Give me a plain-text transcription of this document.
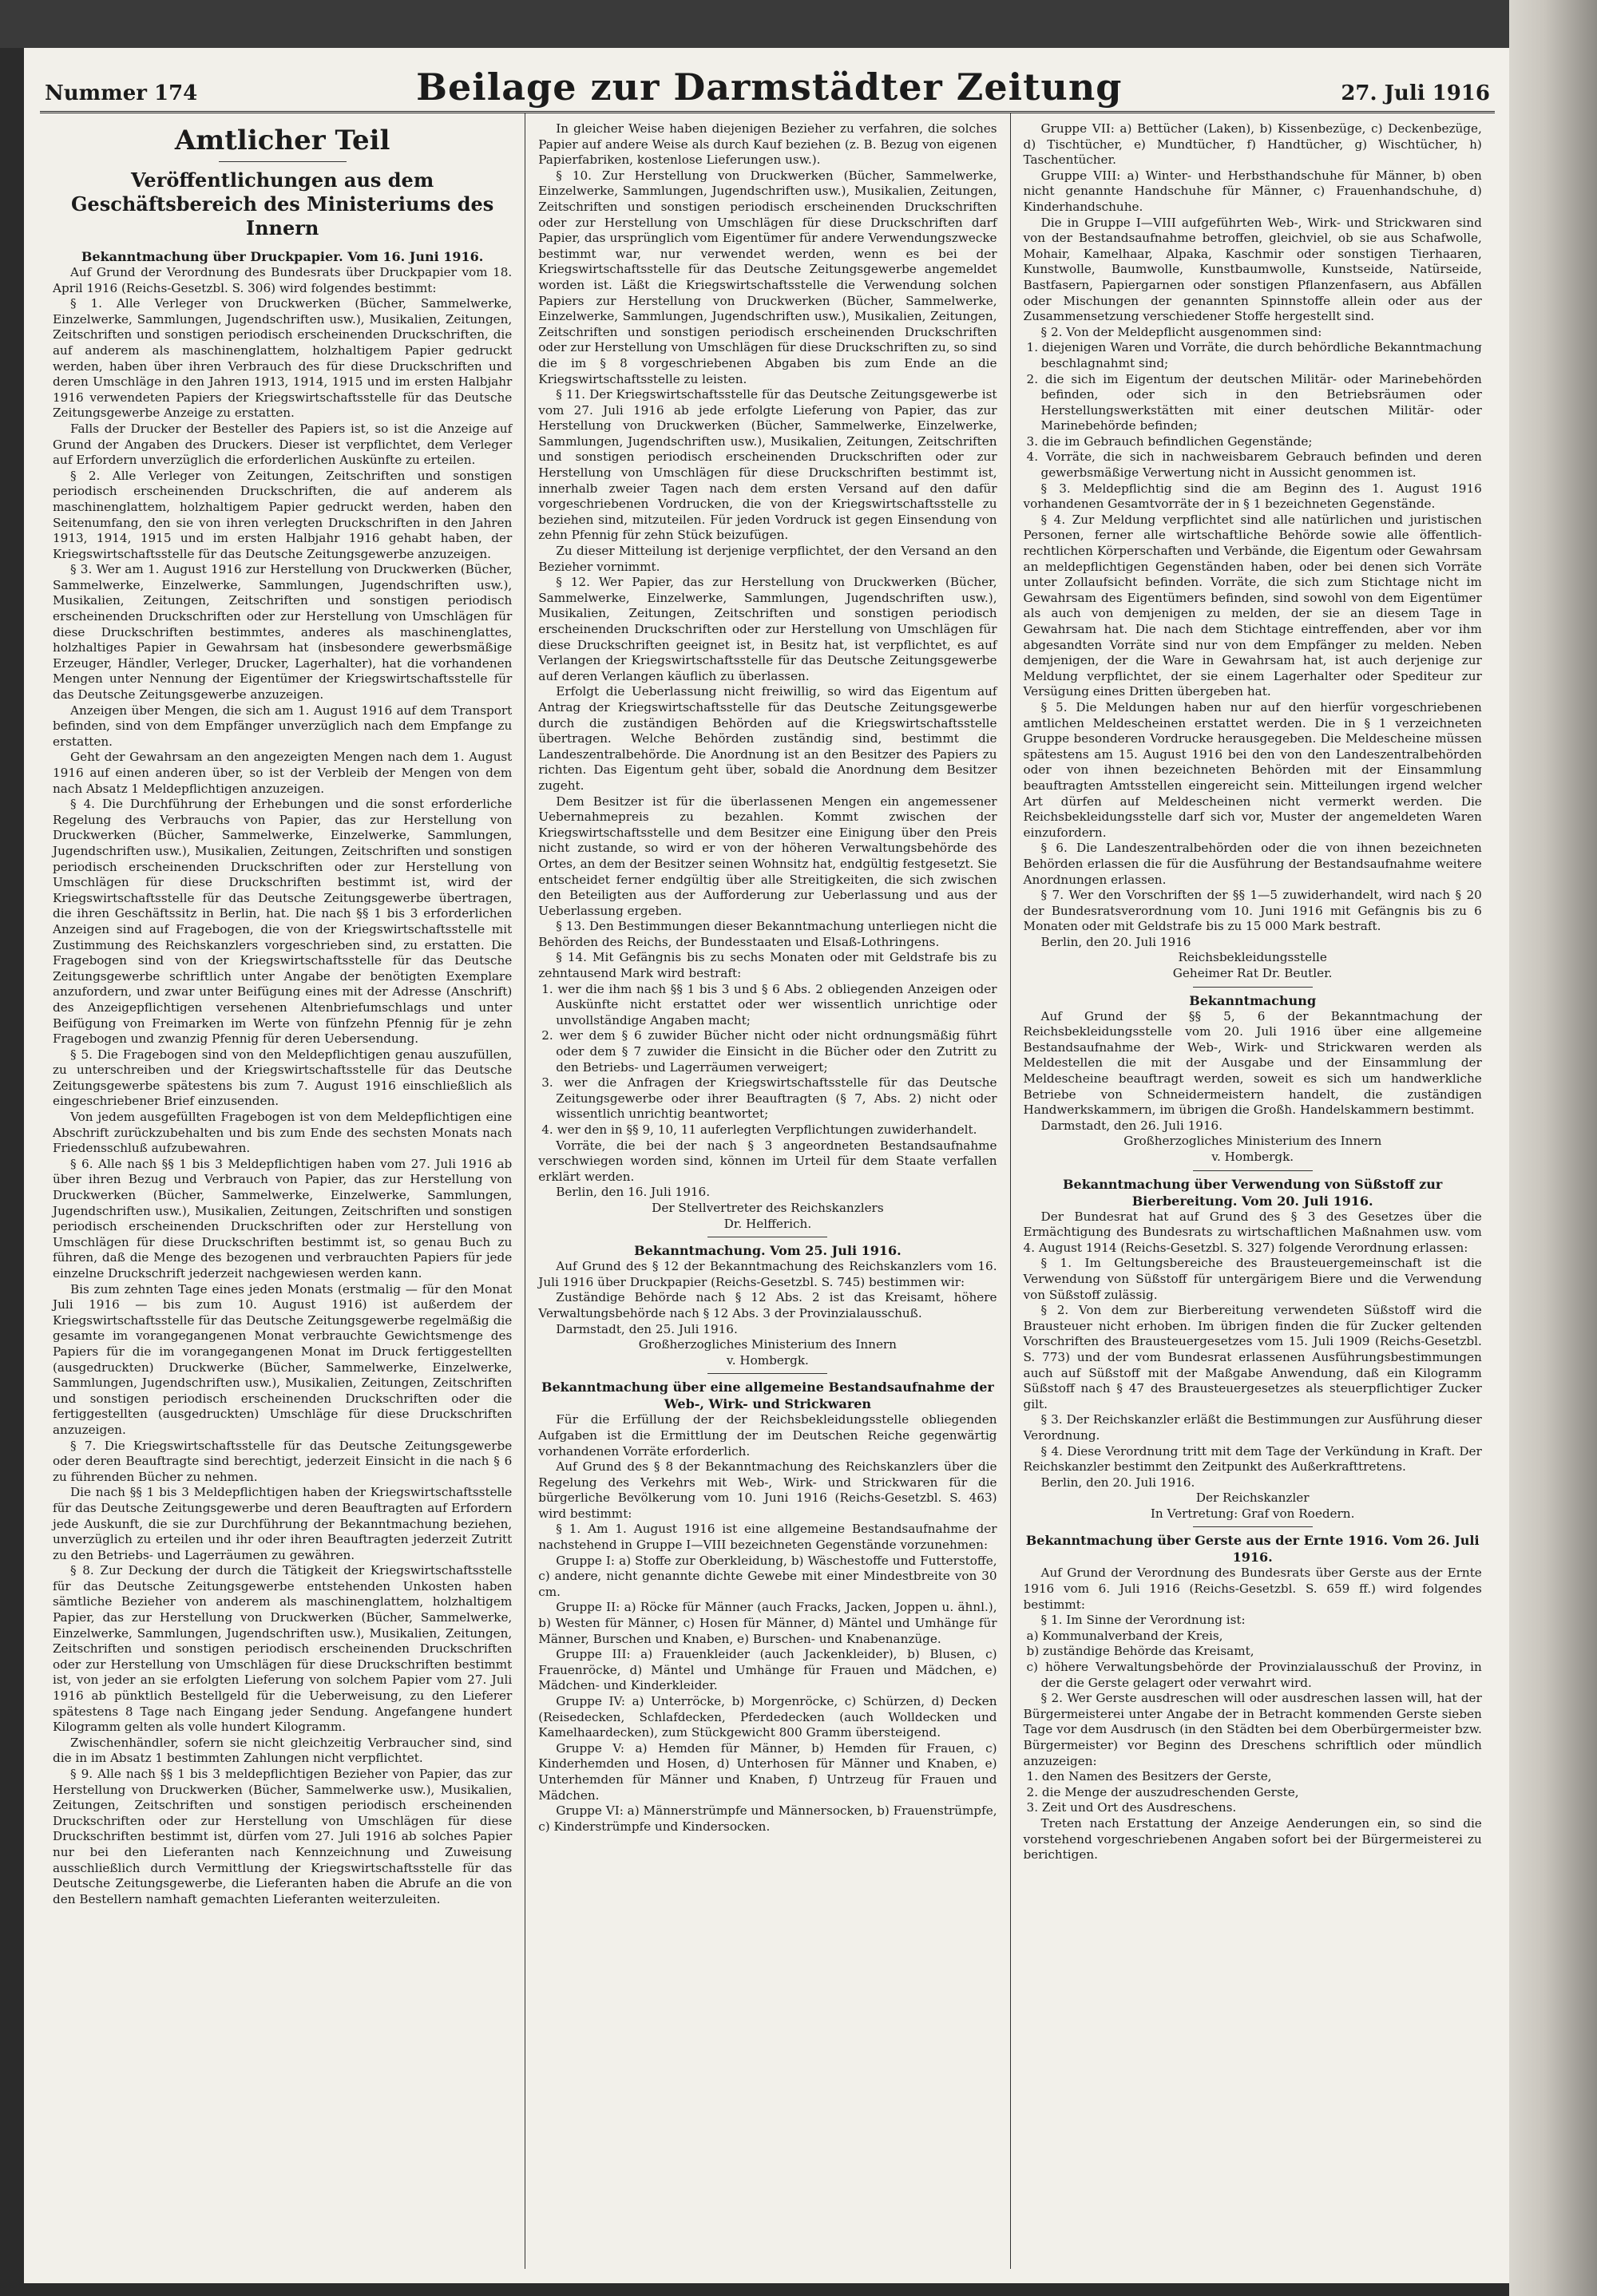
Nummer 174	Beilage zur Darmstädter Zeitung	27. Juli 1916
Amtlicher Teil
Veröffentlichungen aus dem Geschäftsbereich des Ministeriums des Innern

Bekanntmachung über Druckpapier. Vom 16. Juni 1916.

Auf Grund der Verordnung des Bundesrats über Druckpapier vom 18. April 1916 (Reichs-Gesetzbl. S. 306) wird folgendes bestimmt:

§ 1. Alle Verleger von Druckwerken (Bücher, Sammelwerke, Einzelwerke, Sammlungen, Jugendschriften usw.), Musikalien, Zeitungen, Zeitschriften und sonstigen periodisch erscheinenden Druckschriften, die auf anderem als maschinenglattem, holzhaltigem Papier gedruckt werden, haben über ihren Verbrauch des für diese Druckschriften und deren Umschläge in den Jahren 1913, 1914, 1915 und im ersten Halbjahr 1916 verwendeten Papiers der Kriegswirtschaftsstelle für das Deutsche Zeitungsgewerbe Anzeige zu erstatten.

Falls der Drucker der Besteller des Papiers ist, so ist die Anzeige auf Grund der Angaben des Druckers. Dieser ist verpflichtet, dem Verleger auf Erfordern unverzüglich die erforderlichen Auskünfte zu erteilen.

§ 2. Alle Verleger von Zeitungen, Zeitschriften und sonstigen periodisch erscheinenden Druckschriften, die auf anderem als maschinenglattem, holzhaltigem Papier gedruckt werden, haben den Seitenumfang, den sie von ihren verlegten Druckschriften in den Jahren 1913, 1914, 1915 und im ersten Halbjahr 1916 gehabt haben, der Kriegswirtschaftsstelle für das Deutsche Zeitungsgewerbe anzuzeigen.

§ 3. Wer am 1. August 1916 zur Herstellung von Druckwerken (Bücher, Sammelwerke, Einzelwerke, Sammlungen, Jugendschriften usw.), Musikalien, Zeitungen, Zeitschriften und sonstigen periodisch erscheinenden Druckschriften oder zur Herstellung von Umschlägen für diese Druckschriften bestimmtes, anderes als maschinenglattes, holzhaltiges Papier in Gewahrsam hat (insbesondere gewerbsmäßige Erzeuger, Händler, Verleger, Drucker, Lagerhalter), hat die vorhandenen Mengen unter Nennung der Eigentümer der Kriegswirtschaftsstelle für das Deutsche Zeitungsgewerbe anzuzeigen.

Anzeigen über Mengen, die sich am 1. August 1916 auf dem Transport befinden, sind von dem Empfänger unverzüglich nach dem Empfange zu erstatten.

Geht der Gewahrsam an den angezeigten Mengen nach dem 1. August 1916 auf einen anderen über, so ist der Verbleib der Mengen von dem nach Absatz 1 Meldepflichtigen anzuzeigen.

§ 4. Die Durchführung der Erhebungen und die sonst erforderliche Regelung des Verbrauchs von Papier, das zur Herstellung von Druckwerken (Bücher, Sammelwerke, Einzelwerke, Sammlungen, Jugendschriften usw.), Musikalien, Zeitungen, Zeitschriften und sonstigen periodisch erscheinenden Druckschriften oder zur Herstellung von Umschlägen für diese Druckschriften bestimmt ist, wird der Kriegswirtschaftsstelle für das Deutsche Zeitungsgewerbe übertragen, die ihren Geschäftssitz in Berlin, hat. Die nach §§ 1 bis 3 erforderlichen Anzeigen sind auf Fragebogen, die von der Kriegswirtschaftsstelle mit Zustimmung des Reichskanzlers vorgeschrieben sind, zu erstatten. Die Fragebogen sind von der Kriegswirtschaftsstelle für das Deutsche Zeitungsgewerbe schriftlich unter Angabe der benötigten Exemplare anzufordern, und zwar unter Beifügung eines mit der Adresse (Anschrift) des Anzeigepflichtigen versehenen Altenbriefumschlags und unter Beifügung von Freimarken im Werte von fünfzehn Pfennig für je zehn Fragebogen und zwanzig Pfennig für deren Uebersendung.

§ 5. Die Fragebogen sind von den Meldepflichtigen genau auszufüllen, zu unterschreiben und der Kriegswirtschaftsstelle für das Deutsche Zeitungsgewerbe spätestens bis zum 7. August 1916 einschließlich als eingeschriebener Brief einzusenden.

Von jedem ausgefüllten Fragebogen ist von dem Meldepflichtigen eine Abschrift zurückzubehalten und bis zum Ende des sechsten Monats nach Friedensschluß aufzubewahren.

§ 6. Alle nach §§ 1 bis 3 Meldepflichtigen haben vom 27. Juli 1916 ab über ihren Bezug und Verbrauch von Papier, das zur Herstellung von Druckwerken (Bücher, Sammelwerke, Einzelwerke, Sammlungen, Jugendschriften usw.), Musikalien, Zeitungen, Zeitschriften und sonstigen periodisch erscheinenden Druckschriften oder zur Herstellung von Umschlägen für diese Druckschriften bestimmt ist, so genau Buch zu führen, daß die Menge des bezogenen und verbrauchten Papiers für jede einzelne Druckschrift jederzeit nachgewiesen werden kann.

Bis zum zehnten Tage eines jeden Monats (erstmalig — für den Monat Juli 1916 — bis zum 10. August 1916) ist außerdem der Kriegswirtschaftsstelle für das Deutsche Zeitungsgewerbe regelmäßig die gesamte im vorangegangenen Monat verbrauchte Gewichtsmenge des Papiers für die im vorangegangenen Monat im Druck fertiggestellten (ausgedruckten) Druckwerke (Bücher, Sammelwerke, Einzelwerke, Sammlungen, Jugendschriften usw.), Musikalien, Zeitungen, Zeitschriften und sonstigen periodisch erscheinenden Druckschriften oder die fertiggestellten (ausgedruckten) Umschläge für diese Druckschriften anzuzeigen.

§ 7. Die Kriegswirtschaftsstelle für das Deutsche Zeitungsgewerbe oder deren Beauftragte sind berechtigt, jederzeit Einsicht in die nach § 6 zu führenden Bücher zu nehmen.

Die nach §§ 1 bis 3 Meldepflichtigen haben der Kriegswirtschaftsstelle für das Deutsche Zeitungsgewerbe und deren Beauftragten auf Erfordern jede Auskunft, die sie zur Durchführung der Bekanntmachung beziehen, unverzüglich zu erteilen und ihr oder ihren Beauftragten jederzeit Zutritt zu den Betriebs- und Lagerräumen zu gewähren.

§ 8. Zur Deckung der durch die Tätigkeit der Kriegswirtschaftsstelle für das Deutsche Zeitungsgewerbe entstehenden Unkosten haben sämtliche Bezieher von anderem als maschinenglattem, holzhaltigem Papier, das zur Herstellung von Druckwerken (Bücher, Sammelwerke, Einzelwerke, Sammlungen, Jugendschriften usw.), Musikalien, Zeitungen, Zeitschriften und sonstigen periodisch erscheinenden Druckschriften oder zur Herstellung von Umschlägen für diese Druckschriften bestimmt ist, von jeder an sie erfolgten Lieferung von solchem Papier vom 27. Juli 1916 ab pünktlich Bestellgeld für die Ueberweisung, zu den Lieferer spätestens 8 Tage nach Eingang jeder Sendung. Angefangene hundert Kilogramm gelten als volle hundert Kilogramm.

Zwischenhändler, sofern sie nicht gleichzeitig Verbraucher sind, sind die in im Absatz 1 bestimmten Zahlungen nicht verpflichtet.

§ 9. Alle nach §§ 1 bis 3 meldepflichtigen Bezieher von Papier, das zur Herstellung von Druckwerken (Bücher, Sammelwerke usw.), Musikalien, Zeitungen, Zeitschriften und sonstigen periodisch erscheinenden Druckschriften oder zur Herstellung von Umschlägen für diese Druckschriften bestimmt ist, dürfen vom 27. Juli 1916 ab solches Papier nur bei den Lieferanten nach Kennzeichnung und Zuweisung ausschließlich durch Vermittlung der Kriegswirtschaftsstelle für das Deutsche Zeitungsgewerbe, die Lieferanten haben die Abrufe an die von den Bestellern namhaft gemachten Lieferanten weiterzuleiten.

In gleicher Weise haben diejenigen Bezieher zu verfahren, die solches Papier auf andere Weise als durch Kauf beziehen (z. B. Bezug von eigenen Papierfabriken, kostenlose Lieferungen usw.).

§ 10. Zur Herstellung von Druckwerken (Bücher, Sammelwerke, Einzelwerke, Sammlungen, Jugendschriften usw.), Musikalien, Zeitungen, Zeitschriften und sonstigen periodisch erscheinenden Druckschriften oder zur Herstellung von Umschlägen für diese Druckschriften darf Papier, das ursprünglich vom Eigentümer für andere Verwendungszwecke bestimmt war, nur verwendet werden, wenn es bei der Kriegswirtschaftsstelle für das Deutsche Zeitungsgewerbe angemeldet worden ist. Läßt die Kriegswirtschaftsstelle die Verwendung solchen Papiers zur Herstellung von Druckwerken (Bücher, Sammelwerke, Einzelwerke, Sammlungen, Jugendschriften usw.), Musikalien, Zeitungen, Zeitschriften und sonstigen periodisch erscheinenden Druckschriften oder zur Herstellung von Umschlägen für diese Druckschriften zu, so sind die im § 8 vorgeschriebenen Abgaben bis zum Ende an die Kriegswirtschaftsstelle zu leisten.

§ 11. Der Kriegswirtschaftsstelle für das Deutsche Zeitungsgewerbe ist vom 27. Juli 1916 ab jede erfolgte Lieferung von Papier, das zur Herstellung von Druckwerken (Bücher, Sammelwerke, Einzelwerke, Sammlungen, Jugendschriften usw.), Musikalien, Zeitungen, Zeitschriften und sonstigen periodisch erscheinenden Druckschriften oder zur Herstellung von Umschlägen für diese Druckschriften bestimmt ist, innerhalb zweier Tagen nach dem ersten Versand auf den dafür vorgeschriebenen Vordrucken, die von der Kriegswirtschaftsstelle zu beziehen sind, mitzuteilen. Für jeden Vordruck ist gegen Einsendung von zehn Pfennig für zehn Stück beizufügen.

Zu dieser Mitteilung ist derjenige verpflichtet, der den Versand an den Bezieher vornimmt.

§ 12. Wer Papier, das zur Herstellung von Druckwerken (Bücher, Sammelwerke, Einzelwerke, Sammlungen, Jugendschriften usw.), Musikalien, Zeitungen, Zeitschriften und sonstigen periodisch erscheinenden Druckschriften oder zur Herstellung von Umschlägen für diese Druckschriften geeignet ist, in Besitz hat, ist verpflichtet, es auf Verlangen der Kriegswirtschaftsstelle für das Deutsche Zeitungsgewerbe auf deren Verlangen käuflich zu überlassen.

Erfolgt die Ueberlassung nicht freiwillig, so wird das Eigentum auf Antrag der Kriegswirtschaftsstelle für das Deutsche Zeitungsgewerbe durch die zuständigen Behörden auf die Kriegswirtschaftsstelle übertragen. Welche Behörden zuständig sind, bestimmt die Landeszentralbehörde. Die Anordnung ist an den Besitzer des Papiers zu richten. Das Eigentum geht über, sobald die Anordnung dem Besitzer zugeht.

Dem Besitzer ist für die überlassenen Mengen ein angemessener Uebernahmepreis zu bezahlen. Kommt zwischen der Kriegswirtschaftsstelle und dem Besitzer eine Einigung über den Preis nicht zustande, so wird er von der höheren Verwaltungsbehörde des Ortes, an dem der Besitzer seinen Wohnsitz hat, endgültig festgesetzt. Sie entscheidet ferner endgültig über alle Streitigkeiten, die sich zwischen den Beteiligten aus der Aufforderung zur Ueberlassung und aus der Ueberlassung ergeben.

§ 13. Den Bestimmungen dieser Bekanntmachung unterliegen nicht die Behörden des Reichs, der Bundesstaaten und Elsaß-Lothringens.

§ 14. Mit Gefängnis bis zu sechs Monaten oder mit Geldstrafe bis zu zehntausend Mark wird bestraft:

1. wer die ihm nach §§ 1 bis 3 und § 6 Abs. 2 obliegenden Anzeigen oder Auskünfte nicht erstattet oder wer wissentlich unrichtige oder unvollständige Angaben macht;

2. wer dem § 6 zuwider Bücher nicht oder nicht ordnungsmäßig führt oder dem § 7 zuwider die Einsicht in die Bücher oder den Zutritt zu den Betriebs- und Lagerräumen verweigert;

3. wer die Anfragen der Kriegswirtschaftsstelle für das Deutsche Zeitungsgewerbe oder ihrer Beauftragten (§ 7, Abs. 2) nicht oder wissentlich unrichtig beantwortet;

4. wer den in §§ 9, 10, 11 auferlegten Verpflichtungen zuwiderhandelt.

Vorräte, die bei der nach § 3 angeordneten Bestandsaufnahme verschwiegen worden sind, können im Urteil für dem Staate verfallen erklärt werden.

Berlin, den 16. Juli 1916.

Der Stellvertreter des Reichskanzlers

Dr. Helfferich.

Bekanntmachung. Vom 25. Juli 1916.

Auf Grund des § 12 der Bekanntmachung des Reichskanzlers vom 16. Juli 1916 über Druckpapier (Reichs-Gesetzbl. S. 745) bestimmen wir:

Zuständige Behörde nach § 12 Abs. 2 ist das Kreisamt, höhere Verwaltungsbehörde nach § 12 Abs. 3 der Provinzialausschuß.

Darmstadt, den 25. Juli 1916.

Großherzogliches Ministerium des Innern

v. Hombergk.

Bekanntmachung über eine allgemeine Bestandsaufnahme der Web-, Wirk- und Strickwaren

Für die Erfüllung der der Reichsbekleidungsstelle obliegenden Aufgaben ist die Ermittlung der im Deutschen Reiche gegenwärtig vorhandenen Vorräte erforderlich.

Auf Grund des § 8 der Bekanntmachung des Reichskanzlers über die Regelung des Verkehrs mit Web-, Wirk- und Strickwaren für die bürgerliche Bevölkerung vom 10. Juni 1916 (Reichs-Gesetzbl. S. 463) wird bestimmt:

§ 1. Am 1. August 1916 ist eine allgemeine Bestandsaufnahme der nachstehend in Gruppe I—VIII bezeichneten Gegenstände vorzunehmen:

Gruppe I: a) Stoffe zur Oberkleidung, b) Wäschestoffe und Futterstoffe, c) andere, nicht genannte dichte Gewebe mit einer Mindestbreite von 30 cm.

Gruppe II: a) Röcke für Männer (auch Fracks, Jacken, Joppen u. ähnl.), b) Westen für Männer, c) Hosen für Männer, d) Mäntel und Umhänge für Männer, Burschen und Knaben, e) Burschen- und Knabenanzüge.

Gruppe III: a) Frauenkleider (auch Jackenkleider), b) Blusen, c) Frauenröcke, d) Mäntel und Umhänge für Frauen und Mädchen, e) Mädchen- und Kinderkleider.

Gruppe IV: a) Unterröcke, b) Morgenröcke, c) Schürzen, d) Decken (Reisedecken, Schlafdecken, Pferdedecken (auch Wolldecken und Kamelhaardecken), zum Stückgewicht 800 Gramm übersteigend.

Gruppe V: a) Hemden für Männer, b) Hemden für Frauen, c) Kinderhemden und Hosen, d) Unterhosen für Männer und Knaben, e) Unterhemden für Männer und Knaben, f) Untrzeug für Frauen und Mädchen.

Gruppe VI: a) Männerstrümpfe und Männersocken, b) Frauenstrümpfe, c) Kinderstrümpfe und Kindersocken.

Gruppe VII: a) Bettücher (Laken), b) Kissenbezüge, c) Deckenbezüge, d) Tischtücher, e) Mundtücher, f) Handtücher, g) Wischtücher, h) Taschentücher.

Gruppe VIII: a) Winter- und Herbsthandschuhe für Männer, b) oben nicht genannte Handschuhe für Männer, c) Frauenhandschuhe, d) Kinderhandschuhe.

Die in Gruppe I—VIII aufgeführten Web-, Wirk- und Strickwaren sind von der Bestandsaufnahme betroffen, gleichviel, ob sie aus Schafwolle, Mohair, Kamelhaar, Alpaka, Kaschmir oder sonstigen Tierhaaren, Kunstwolle, Baumwolle, Kunstbaumwolle, Kunstseide, Natürseide, Bastfasern, Papiergarnen oder sonstigen Pflanzenfasern, aus Abfällen oder Mischungen der genannten Spinnstoffe allein oder aus der Zusammensetzung verschiedener Stoffe hergestellt sind.

§ 2. Von der Meldepflicht ausgenommen sind:

1. diejenigen Waren und Vorräte, die durch behördliche Bekanntmachung beschlagnahmt sind;

2. die sich im Eigentum der deutschen Militär- oder Marinebehörden befinden, oder sich in den Betriebsräumen oder Herstellungswerkstätten mit einer deutschen Militär- oder Marinebehörde befinden;

3. die im Gebrauch befindlichen Gegenstände;

4. Vorräte, die sich in nachweisbarem Gebrauch befinden und deren gewerbsmäßige Verwertung nicht in Aussicht genommen ist.

§ 3. Meldepflichtig sind die am Beginn des 1. August 1916 vorhandenen Gesamtvorräte der in § 1 bezeichneten Gegenstände.

§ 4. Zur Meldung verpflichtet sind alle natürlichen und juristischen Personen, ferner alle wirtschaftliche Behörde sowie alle öffentlich-rechtlichen Körperschaften und Verbände, die Eigentum oder Gewahrsam an meldepflichtigen Gegenständen haben, oder bei denen sich Vorräte unter Zollaufsicht befinden. Vorräte, die sich zum Stichtage nicht im Gewahrsam des Eigentümers befinden, sind sowohl von dem Eigentümer als auch von demjenigen zu melden, der sie an diesem Tage in Gewahrsam hat. Die nach dem Stichtage eintreffenden, aber vor ihm abgesandten Vorräte sind nur von dem Empfänger zu melden. Neben demjenigen, der die Ware in Gewahrsam hat, ist auch derjenige zur Meldung verpflichtet, der sie einem Lagerhalter oder Spediteur zur Versügung eines Dritten übergeben hat.

§ 5. Die Meldungen haben nur auf den hierfür vorgeschriebenen amtlichen Meldescheinen erstattet werden. Die in § 1 verzeichneten Gruppe besonderen Vordrucke herausgegeben. Die Meldescheine müssen spätestens am 15. August 1916 bei den von den Landeszentralbehörden oder von ihnen bezeichneten Behörden mit der Einsammlung beauftragten Amtsstellen eingereicht sein. Mitteilungen irgend welcher Art dürfen auf Meldescheinen nicht vermerkt werden. Die Reichsbekleidungsstelle darf sich vor, Muster der angemeldeten Waren einzufordern.

§ 6. Die Landeszentralbehörden oder die von ihnen bezeichneten Behörden erlassen die für die Ausführung der Bestandsaufnahme weitere Anordnungen erlassen.

§ 7. Wer den Vorschriften der §§ 1—5 zuwiderhandelt, wird nach § 20 der Bundesratsverordnung vom 10. Juni 1916 mit Gefängnis bis zu 6 Monaten oder mit Geldstrafe bis zu 15 000 Mark bestraft.

Berlin, den 20. Juli 1916

Reichsbekleidungsstelle

Geheimer Rat Dr. Beutler.

Bekanntmachung

Auf Grund der §§ 5, 6 der Bekanntmachung der Reichsbekleidungsstelle vom 20. Juli 1916 über eine allgemeine Bestandsaufnahme der Web-, Wirk- und Strickwaren werden als Meldestellen die mit der Ausgabe und der Einsammlung der Meldescheine beauftragt werden, soweit es sich um handwerkliche Betriebe von Schneidermeistern handelt, die zuständigen Handwerkskammern, im übrigen die Großh. Handelskammern bestimmt.

Darmstadt, den 26. Juli 1916.

Großherzogliches Ministerium des Innern

v. Hombergk.

Bekanntmachung über Verwendung von Süßstoff zur Bierbereitung. Vom 20. Juli 1916.

Der Bundesrat hat auf Grund des § 3 des Gesetzes über die Ermächtigung des Bundesrats zu wirtschaftlichen Maßnahmen usw. vom 4. August 1914 (Reichs-Gesetzbl. S. 327) folgende Verordnung erlassen:

§ 1. Im Geltungsbereiche des Brausteuergemeinschaft ist die Verwendung von Süßstoff für untergärigem Biere und die Verwendung von Süßstoff zulässig.

§ 2. Von dem zur Bierbereitung verwendeten Süßstoff wird die Brausteuer nicht erhoben. Im übrigen finden die für Zucker geltenden Vorschriften des Brausteuergesetzes vom 15. Juli 1909 (Reichs-Gesetzbl. S. 773) und der vom Bundesrat erlassenen Ausführungsbestimmungen auch auf Süßstoff mit der Maßgabe Anwendung, daß ein Kilogramm Süßstoff nach § 47 des Brausteuergesetzes als steuerpflichtiger Zucker gilt.

§ 3. Der Reichskanzler erläßt die Bestimmungen zur Ausführung dieser Verordnung.

§ 4. Diese Verordnung tritt mit dem Tage der Verkündung in Kraft. Der Reichskanzler bestimmt den Zeitpunkt des Außerkrafttretens.

Berlin, den 20. Juli 1916.

Der Reichskanzler

In Vertretung: Graf von Roedern.

Bekanntmachung über Gerste aus der Ernte 1916. Vom 26. Juli 1916.

Auf Grund der Verordnung des Bundesrats über Gerste aus der Ernte 1916 vom 6. Juli 1916 (Reichs-Gesetzbl. S. 659 ff.) wird folgendes bestimmt:

§ 1. Im Sinne der Verordnung ist:

a) Kommunalverband der Kreis,

b) zuständige Behörde das Kreisamt,

c) höhere Verwaltungsbehörde der Provinzialausschuß der Provinz, in der die Gerste gelagert oder verwahrt wird.

§ 2. Wer Gerste ausdreschen will oder ausdreschen lassen will, hat der Bürgermeisterei unter Angabe der in Betracht kommenden Gerste sieben Tage vor dem Ausdrusch (in den Städten bei dem Oberbürgermeister bzw. Bürgermeister) vor Beginn des Dreschens schriftlich oder mündlich anzuzeigen:

1. den Namen des Besitzers der Gerste,

2. die Menge der auszudreschenden Gerste,

3. Zeit und Ort des Ausdreschens.

Treten nach Erstattung der Anzeige Aenderungen ein, so sind die vorstehend vorgeschriebenen Angaben sofort bei der Bürgermeisterei zu berichtigen.
